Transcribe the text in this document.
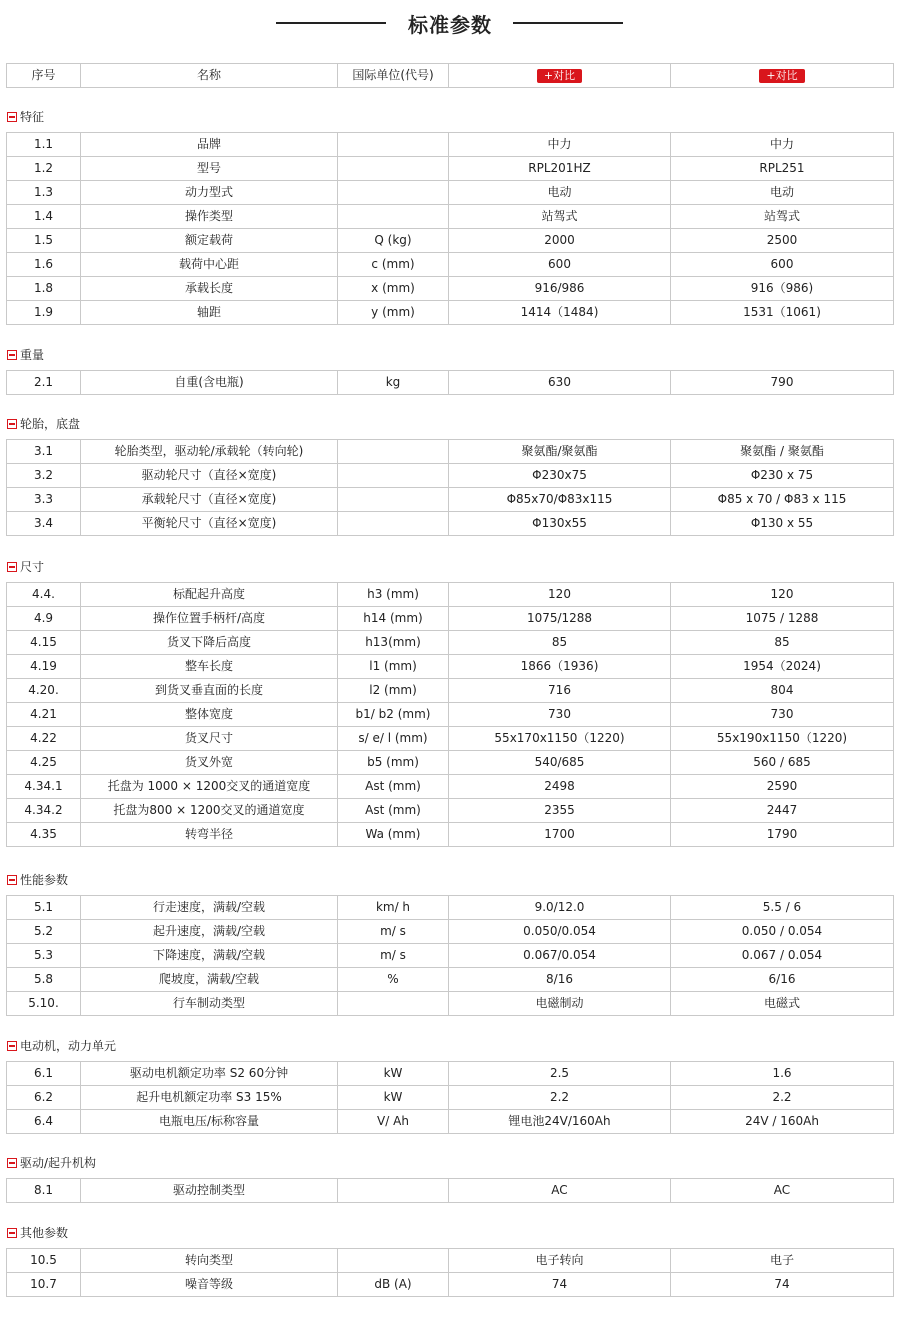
标准参数
序号	名称	国际单位(代号)	+对比	+对比
特征
1.1	品牌		中力	中力
1.2	型号		RPL201HZ	RPL251
1.3	动力型式		电动	电动
1.4	操作类型		站驾式	站驾式
1.5	额定载荷	Q (kg)	2000	2500
1.6	载荷中心距	c (mm)	600	600
1.8	承载长度	x (mm)	916/986	916（986)
1.9	轴距	y (mm)	1414（1484)	1531（1061)
重量
2.1	自重(含电瓶)	kg	630	790
轮胎，底盘
3.1	轮胎类型，驱动轮/承载轮（转向轮)		聚氨酯/聚氨酯	聚氨酯 / 聚氨酯
3.2	驱动轮尺寸（直径×宽度)		Φ230x75	Φ230 x 75
3.3	承载轮尺寸（直径×宽度)		Φ85x70/Φ83x115	Φ85 x 70 / Φ83 x 115
3.4	平衡轮尺寸（直径×宽度)		Φ130x55	Φ130 x 55
尺寸
4.4.	标配起升高度	h3 (mm)	120	120
4.9	操作位置手柄杆/高度	h14 (mm)	1075/1288	1075 / 1288
4.15	货叉下降后高度	h13(mm)	85	85
4.19	整车长度	l1 (mm)	1866（1936)	1954（2024)
4.20.	到货叉垂直面的长度	l2 (mm)	716	804
4.21	整体宽度	b1/ b2 (mm)	730	730
4.22	货叉尺寸	s/ e/ l (mm)	55x170x1150（1220)	55x190x1150（1220)
4.25	货叉外宽	b5 (mm)	540/685	560 / 685
4.34.1	托盘为 1000 × 1200交叉的通道宽度	Ast (mm)	2498	2590
4.34.2	托盘为800 × 1200交叉的通道宽度	Ast (mm)	2355	2447
4.35	转弯半径	Wa (mm)	1700	1790
性能参数
5.1	行走速度，满载/空载	km/ h	9.0/12.0	5.5 / 6
5.2	起升速度，满载/空载	m/ s	0.050/0.054	0.050 / 0.054
5.3	下降速度，满载/空载	m/ s	0.067/0.054	0.067 / 0.054
5.8	爬坡度，满载/空载	%	8/16	6/16
5.10.	行车制动类型		电磁制动	电磁式
电动机，动力单元
6.1	驱动电机额定功率 S2 60分钟	kW	2.5	1.6
6.2	起升电机额定功率 S3 15%	kW	2.2	2.2
6.4	电瓶电压/标称容量	V/ Ah	锂电池24V/160Ah	24V / 160Ah
驱动/起升机构
8.1	驱动控制类型		AC	AC
其他参数
10.5	转向类型		电子转向	电子
10.7	噪音等级	dB (A)	74	74
